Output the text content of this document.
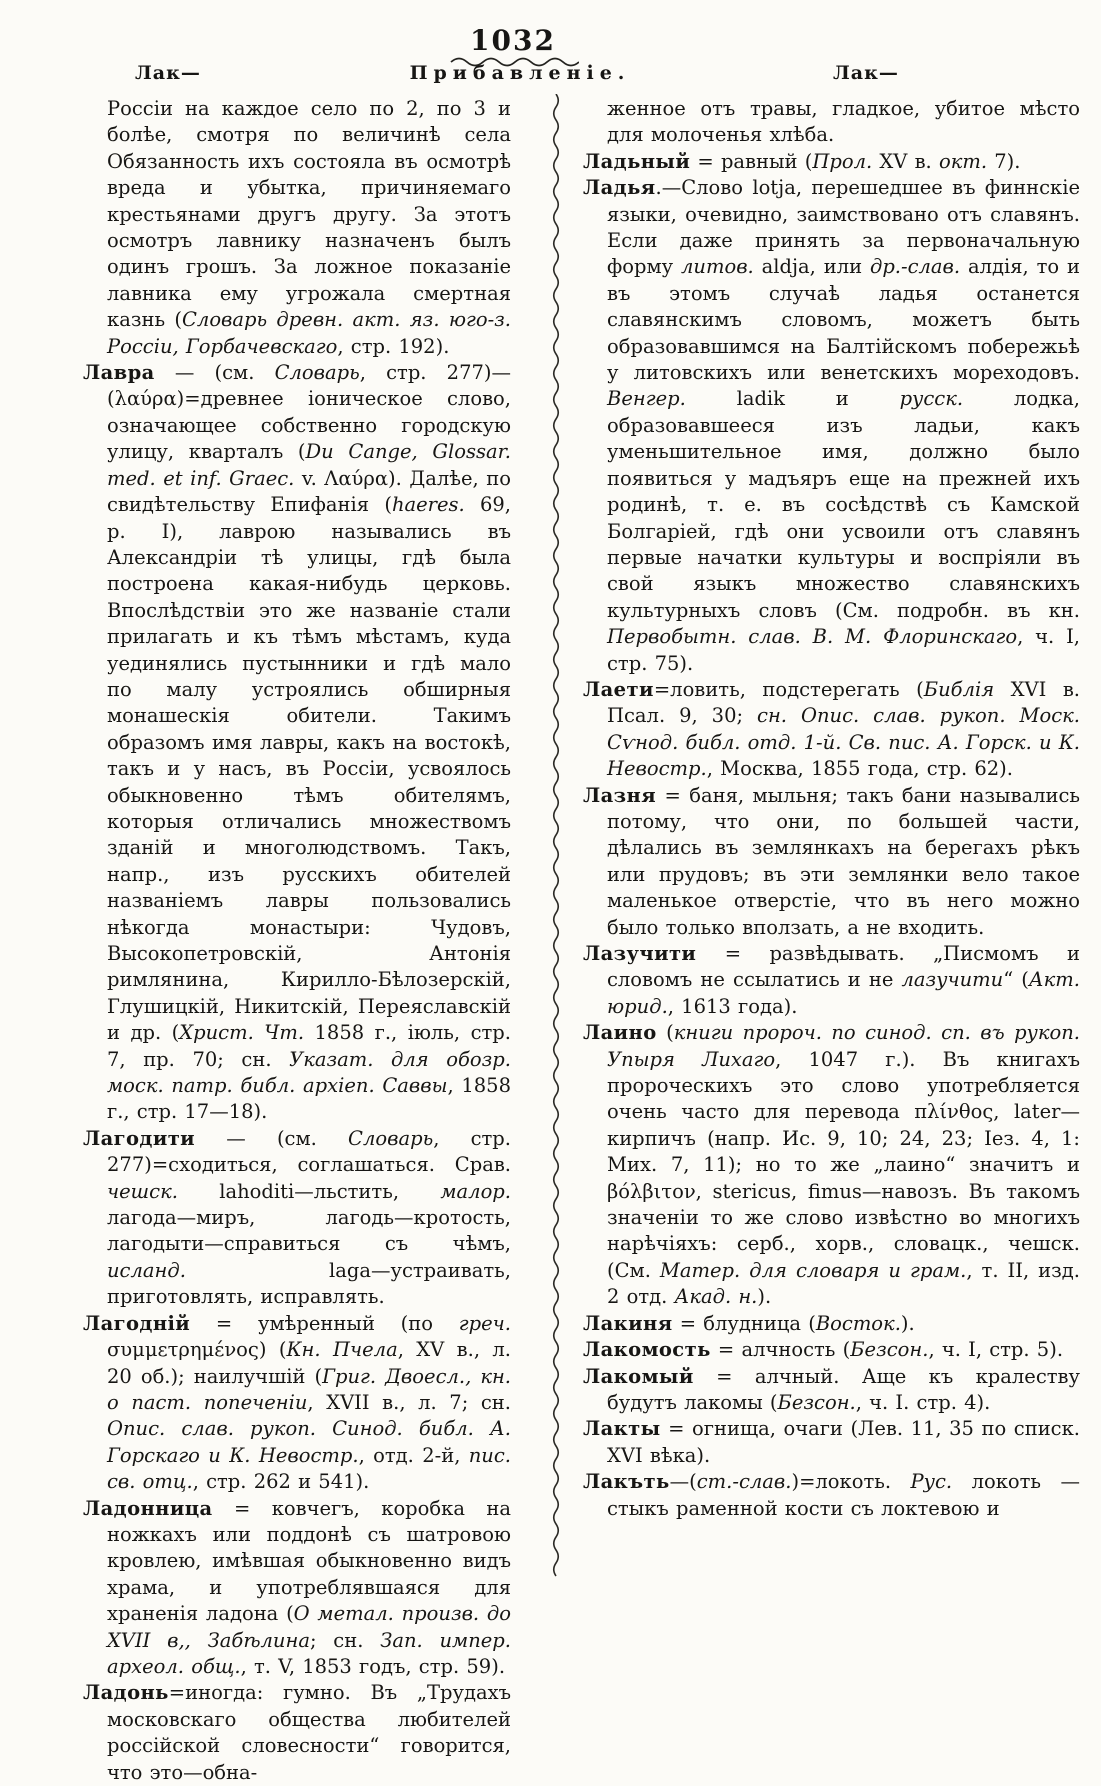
1032
Лак—	Прибавленіе.	Лак—

Россіи на каждое село по 2, по 3 и болѣе, смотря по величинѣ села Обязанность ихъ состояла въ осмотрѣ вреда и убытка, причиняемаго крестьянами другъ другу. За этотъ осмотръ лавнику назначенъ былъ одинъ грошъ. За ложное показаніе лавника ему угрожала смертная казнь (Словарь древн. акт. яз. юго-з. Россіи, Горбачевскаго, стр. 192).

Лавра — (см. Словарь, стр. 277)—(λαύρα)=древнее іоническое слово, означающее собственно городскую улицу, кварталъ (Du Cange, Glossar. med. et inf. Graec. v. Λαύρα). Далѣе, по свидѣтельству Епифанія (haeres. 69, p. I), лаврою назывались въ Александріи тѣ улицы, гдѣ была построена какая-нибудь церковь. Впослѣдствіи это же названіе стали прилагать и къ тѣмъ мѣстамъ, куда уединялись пустынники и гдѣ мало по малу устроялись обширныя монашескія обители. Такимъ образомъ имя лавры, какъ на востокѣ, такъ и у насъ, въ Россіи, усвоялось обыкновенно тѣмъ обителямъ, которыя отличались множествомъ зданій и многолюдствомъ. Такъ, напр., изъ русскихъ обителей названіемъ лавры пользовались нѣкогда монастыри: Чудовъ, Высокопетровскій, Антонія римлянина, Кирилло-Бѣлозерскій, Глушицкій, Никитскій, Переяславскій и др. (Христ. Чт. 1858 г., іюль, стр. 7, пр. 70; сн. Указат. для обозр. моск. патр. библ. архіеп. Саввы, 1858 г., стр. 17—18).

Лагодити — (см. Словарь, стр. 277)=сходиться, соглашаться. Срав. чешск. lahoditi—льстить, малор. лагода—миръ, лагодь—кротость, лагодыти—справиться съ чѣмъ, исланд. laga—устраивать, приготовлять, исправлять.

Лагодній = умѣренный (по греч. συμμετρημένος) (Кн. Пчела, XV в., л. 20 об.); наилучшій (Григ. Двоесл., кн. о паст. попеченіи, XVII в., л. 7; сн. Опис. слав. рукоп. Синод. библ. А. Горскаго и К. Невостр., отд. 2-й, пис. св. отц., стр. 262 и 541).

Ладонница = ковчегъ, коробка на ножкахъ или поддонѣ съ шатровою кровлею, имѣвшая обыкновенно видъ храма, и употреблявшаяся для храненія ладона (О метал. произв. до XVII в,, Забѣлина; сн. Зап. импер. археол. общ., т. V, 1853 годъ, стр. 59).

Ладонь=иногда: гумно. Въ „Трудахъ московскаго общества любителей россійской словесности“ говорится, что это—обна-

женное отъ травы, гладкое, убитое мѣсто для молоченья хлѣба.

Ладьный = равный (Прол. XV в. окт. 7).

Ладья.—Слово lotja, перешедшее въ финнскіе языки, очевидно, заимствовано отъ славянъ. Если даже принять за первоначальную форму литов. aldja, или др.-слав. алдія, то и въ этомъ случаѣ ладья останется славянскимъ словомъ, можетъ быть образовавшимся на Балтійскомъ побережьѣ у литовскихъ или венетскихъ мореходовъ. Венгер. ladik и русск. лодка, образовавшееся изъ ладьи, какъ уменьшительное имя, должно было появиться у мадъяръ еще на прежней ихъ родинѣ, т. е. въ сосѣдствѣ съ Камской Болгаріей, гдѣ они усвоили отъ славянъ первые начатки культуры и воспріяли въ свой языкъ множество славянскихъ культурныхъ словъ (См. подробн. въ кн. Первобытн. слав. В. М. Флоринскаго, ч. I, стр. 75).

Лаети=ловить, подстерегать (Библія XVI в. Псал. 9, 30; сн. Опис. слав. рукоп. Моск. Сѵнод. библ. отд. 1-й. Св. пис. А. Горск. и К. Невостр., Москва, 1855 года, стр. 62).

Лазня = баня, мыльня; такъ бани назывались потому, что они, по большей части, дѣлались въ землянкахъ на берегахъ рѣкъ или прудовъ; въ эти землянки вело такое маленькое отверстіе, что въ него можно было только вползать, а не входить.

Лазучити = развѣдывать. „Писмомъ и словомъ не ссылатись и не лазучити“ (Акт. юрид., 1613 года).

Лаино (книги пророч. по синод. сп. въ рукоп. Упыря Лихаго, 1047 г.). Въ книгахъ пророческихъ это слово употребляется очень часто для перевода πλίνθος, later—кирпичъ (напр. Ис. 9, 10; 24, 23; Іез. 4, 1: Мих. 7, 11); но то же „лаино“ значитъ и βόλβιτον, stericus, fimus—навозъ. Въ такомъ значеніи то же слово извѣстно во многихъ нарѣчіяхъ: серб., хорв., словацк., чешск. (См. Матер. для словаря и грам., т. II, изд. 2 отд. Акад. н.).

Лакиня = блудница (Восток.).

Лакомость = алчность (Безсон., ч. I, стр. 5).

Лакомый = алчный. Аще къ кралеству будутъ лакомы (Безсон., ч. I. стр. 4).

Лакты = огнища, очаги (Лев. 11, 35 по списк. XVI вѣка).

Лакъть—(ст.-слав.)=локоть. Рус. локоть — стыкъ раменной кости съ локтевою и
